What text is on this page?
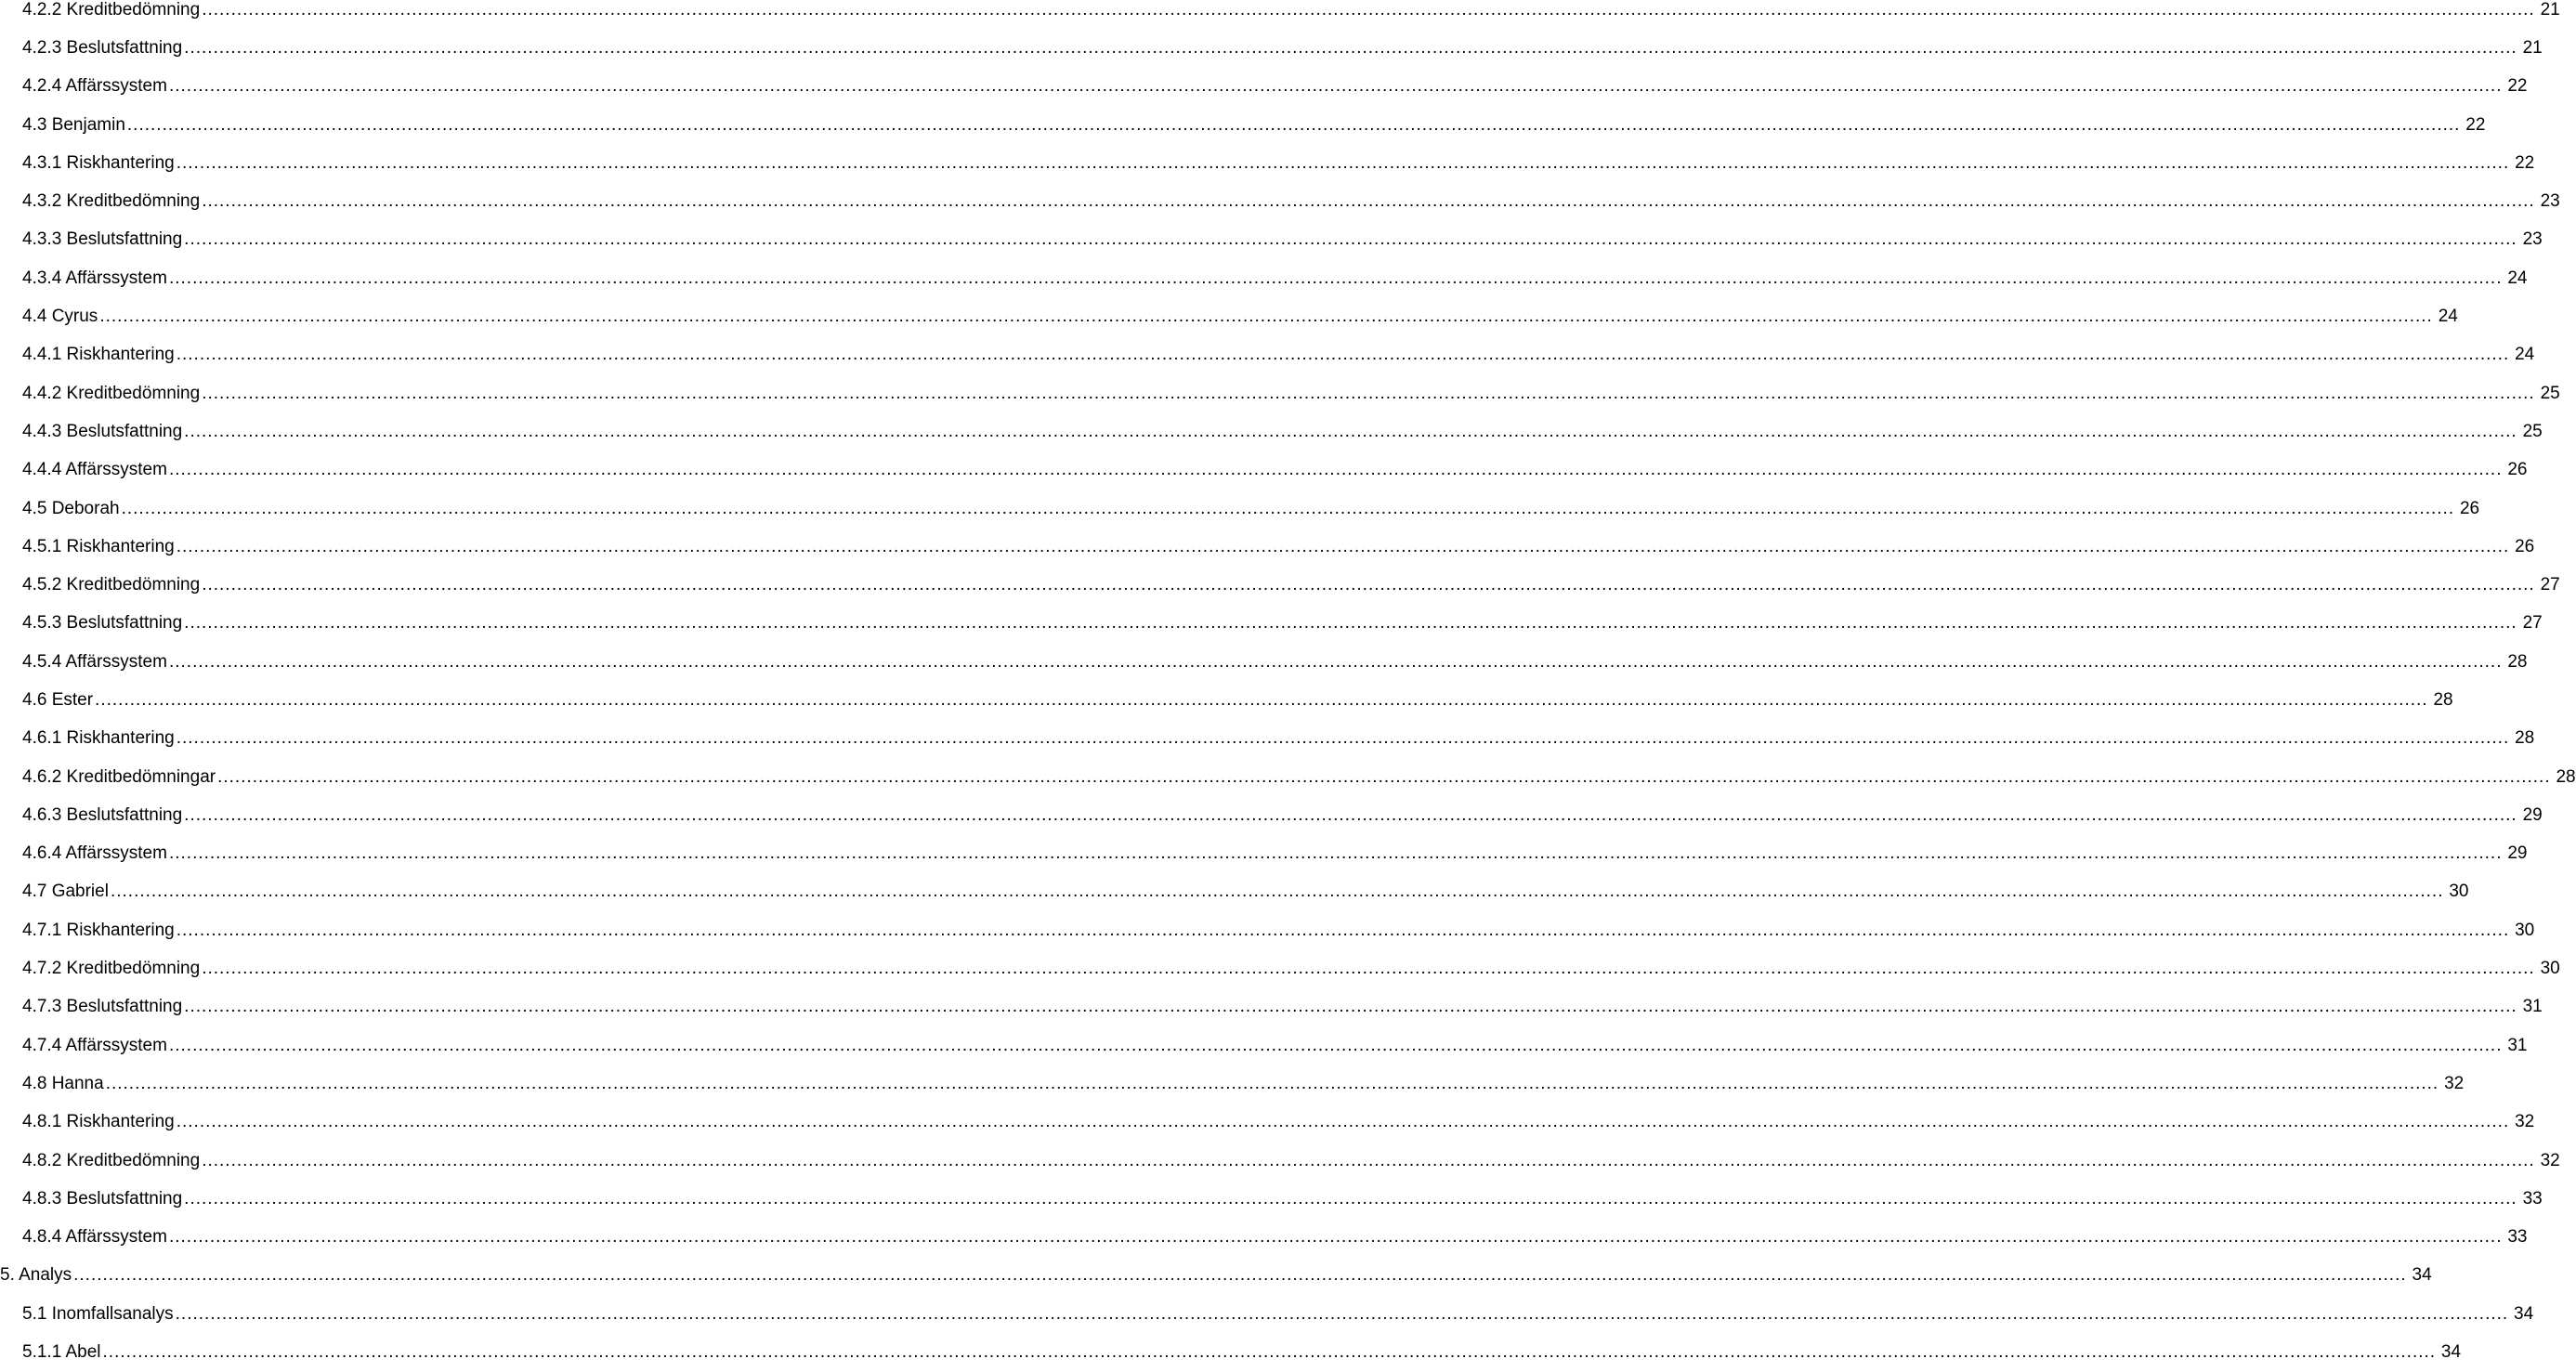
4.2.2 Kreditbedömning ................................................................................................................................................................................................................................................................................................................................................................................................................ 21
4.2.3 Beslutsfattning ................................................................................................................................................................................................................................................................................................................................................................................................................ 21
4.2.4 Affärssystem ................................................................................................................................................................................................................................................................................................................................................................................................................ 22
4.3 Benjamin ................................................................................................................................................................................................................................................................................................................................................................................................................ 22
4.3.1 Riskhantering ................................................................................................................................................................................................................................................................................................................................................................................................................ 22
4.3.2 Kreditbedömning ................................................................................................................................................................................................................................................................................................................................................................................................................ 23
4.3.3 Beslutsfattning ................................................................................................................................................................................................................................................................................................................................................................................................................ 23
4.3.4 Affärssystem ................................................................................................................................................................................................................................................................................................................................................................................................................ 24
4.4 Cyrus ................................................................................................................................................................................................................................................................................................................................................................................................................ 24
4.4.1 Riskhantering ................................................................................................................................................................................................................................................................................................................................................................................................................ 24
4.4.2 Kreditbedömning ................................................................................................................................................................................................................................................................................................................................................................................................................ 25
4.4.3 Beslutsfattning ................................................................................................................................................................................................................................................................................................................................................................................................................ 25
4.4.4 Affärssystem ................................................................................................................................................................................................................................................................................................................................................................................................................ 26
4.5 Deborah ................................................................................................................................................................................................................................................................................................................................................................................................................ 26
4.5.1 Riskhantering ................................................................................................................................................................................................................................................................................................................................................................................................................ 26
4.5.2 Kreditbedömning ................................................................................................................................................................................................................................................................................................................................................................................................................ 27
4.5.3 Beslutsfattning ................................................................................................................................................................................................................................................................................................................................................................................................................ 27
4.5.4 Affärssystem ................................................................................................................................................................................................................................................................................................................................................................................................................ 28
4.6 Ester ................................................................................................................................................................................................................................................................................................................................................................................................................ 28
4.6.1 Riskhantering ................................................................................................................................................................................................................................................................................................................................................................................................................ 28
4.6.2 Kreditbedömningar ................................................................................................................................................................................................................................................................................................................................................................................................................ 28
4.6.3 Beslutsfattning ................................................................................................................................................................................................................................................................................................................................................................................................................ 29
4.6.4 Affärssystem ................................................................................................................................................................................................................................................................................................................................................................................................................ 29
4.7 Gabriel ................................................................................................................................................................................................................................................................................................................................................................................................................ 30
4.7.1 Riskhantering ................................................................................................................................................................................................................................................................................................................................................................................................................ 30
4.7.2 Kreditbedömning ................................................................................................................................................................................................................................................................................................................................................................................................................ 30
4.7.3 Beslutsfattning ................................................................................................................................................................................................................................................................................................................................................................................................................ 31
4.7.4 Affärssystem ................................................................................................................................................................................................................................................................................................................................................................................................................ 31
4.8 Hanna ................................................................................................................................................................................................................................................................................................................................................................................................................ 32
4.8.1 Riskhantering ................................................................................................................................................................................................................................................................................................................................................................................................................ 32
4.8.2 Kreditbedömning ................................................................................................................................................................................................................................................................................................................................................................................................................ 32
4.8.3 Beslutsfattning ................................................................................................................................................................................................................................................................................................................................................................................................................ 33
4.8.4 Affärssystem ................................................................................................................................................................................................................................................................................................................................................................................................................ 33
5. Analys ................................................................................................................................................................................................................................................................................................................................................................................................................ 34
5.1 Inomfallsanalys ................................................................................................................................................................................................................................................................................................................................................................................................................ 34
5.1.1 Abel ................................................................................................................................................................................................................................................................................................................................................................................................................ 34
